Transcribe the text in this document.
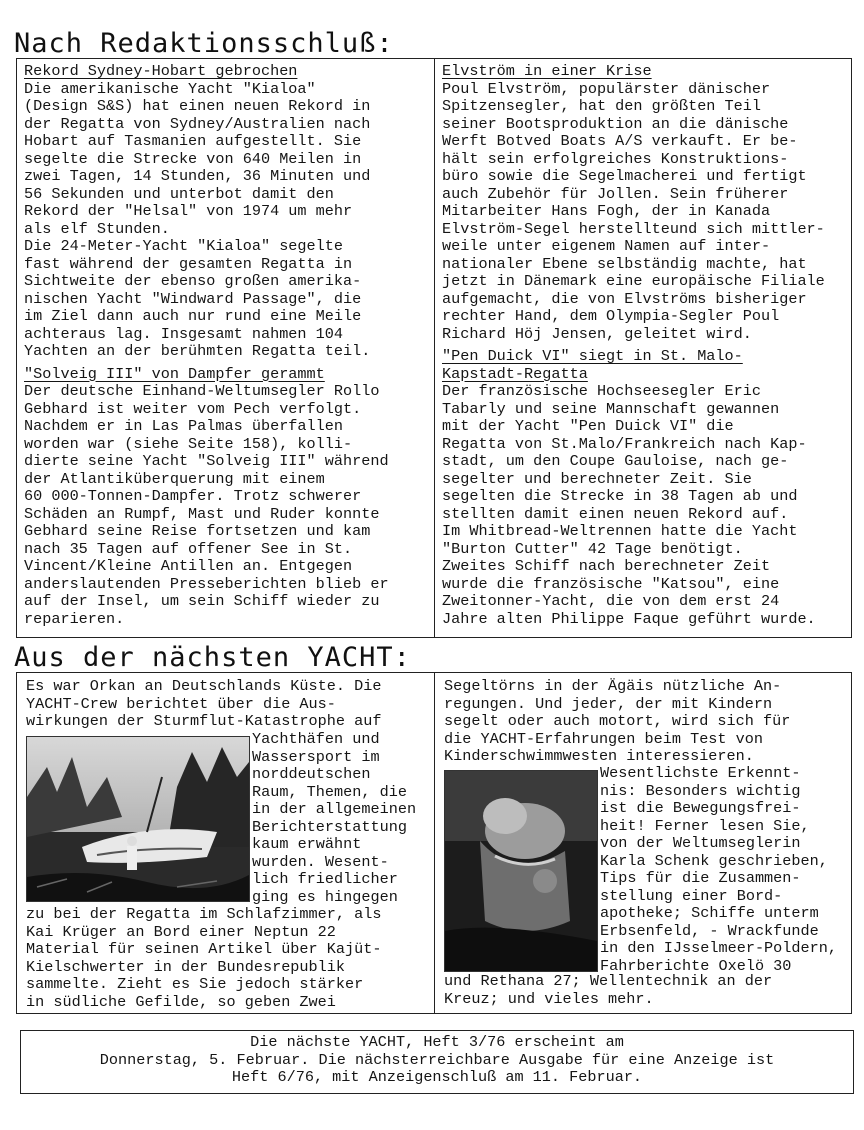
Nach Redaktionsschluß:
Rekord Sydney-Hobart gebrochen
Die amerikanische Yacht "Kialoa"
(Design S&S) hat einen neuen Rekord in
der Regatta von Sydney/Australien nach
Hobart auf Tasmanien aufgestellt. Sie
segelte die Strecke von 640 Meilen in
zwei Tagen, 14 Stunden, 36 Minuten und
56 Sekunden und unterbot damit den
Rekord der "Helsal" von 1974 um mehr
als elf Stunden.
Die 24-Meter-Yacht "Kialoa" segelte
fast während der gesamten Regatta in
Sichtweite der ebenso großen amerika-
nischen Yacht "Windward Passage", die
im Ziel dann auch nur rund eine Meile
achteraus lag. Insgesamt nahmen 104
Yachten an der berühmten Regatta teil.
"Solveig III" von Dampfer gerammt
Der deutsche Einhand-Weltumsegler Rollo
Gebhard ist weiter vom Pech verfolgt.
Nachdem er in Las Palmas überfallen
worden war (siehe Seite 158), kolli-
dierte seine Yacht "Solveig III" während
der Atlantiküberquerung mit einem
60 000-Tonnen-Dampfer. Trotz schwerer
Schäden an Rumpf, Mast und Ruder konnte
Gebhard seine Reise fortsetzen und kam
nach 35 Tagen auf offener See in St.
Vincent/Kleine Antillen an. Entgegen
anderslautenden Presseberichten blieb er
auf der Insel, um sein Schiff wieder zu
reparieren.
Elvström in einer Krise
Poul Elvström, populärster dänischer
Spitzensegler, hat den größten Teil
seiner Bootsproduktion an die dänische
Werft Botved Boats A/S verkauft. Er be-
hält sein erfolgreiches Konstruktions-
büro sowie die Segelmacherei und fertigt
auch Zubehör für Jollen. Sein früherer
Mitarbeiter Hans Fogh, der in Kanada
Elvström-Segel herstellteund sich mittler-
weile unter eigenem Namen auf inter-
nationaler Ebene selbständig machte, hat
jetzt in Dänemark eine europäische Filiale
aufgemacht, die von Elvströms bisheriger
rechter Hand, dem Olympia-Segler Poul
Richard Höj Jensen, geleitet wird.
"Pen Duick VI" siegt in St. Malo-
Kapstadt-Regatta
Der französische Hochseesegler Eric
Tabarly und seine Mannschaft gewannen
mit der Yacht "Pen Duick VI" die
Regatta von St.Malo/Frankreich nach Kap-
stadt, um den Coupe Gauloise, nach ge-
segelter und berechneter Zeit. Sie
segelten die Strecke in 38 Tagen ab und
stellten damit einen neuen Rekord auf.
Im Whitbread-Weltrennen hatte die Yacht
"Burton Cutter" 42 Tage benötigt.
Zweites Schiff nach berechneter Zeit
wurde die französische "Katsou", eine
Zweitonner-Yacht, die von dem erst 24
Jahre alten Philippe Faque geführt wurde.
Aus der nächsten YACHT:
Es war Orkan an Deutschlands Küste. Die
YACHT-Crew berichtet über die Aus-
wirkungen der Sturmflut-Katastrophe auf
Yachthäfen und
Wassersport im
norddeutschen
Raum, Themen, die
in der allgemeinen
Berichterstattung
kaum erwähnt
wurden. Wesent-
lich friedlicher
ging es hingegen
zu bei der Regatta im Schlafzimmer, als
Kai Krüger an Bord einer Neptun 22
Material für seinen Artikel über Kajüt-
Kielschwerter in der Bundesrepublik
sammelte. Zieht es Sie jedoch stärker
in südliche Gefilde, so geben Zwei
Segeltörns in der Ägäis nützliche An-
regungen. Und jeder, der mit Kindern
segelt oder auch motort, wird sich für
die YACHT-Erfahrungen beim Test von
Kinderschwimmwesten interessieren.
Wesentlichste Erkennt-
nis: Besonders wichtig
ist die Bewegungsfrei-
heit! Ferner lesen Sie,
von der Weltumseglerin
Karla Schenk geschrieben,
Tips für die Zusammen-
stellung einer Bord-
apotheke; Schiffe unterm
Erbsenfeld, - Wrackfunde
in den IJsselmeer-Poldern,
Fahrberichte Oxelö 30
und Rethana 27; Wellentechnik an der
Kreuz; und vieles mehr.
Die nächste YACHT, Heft 3/76 erscheint am
Donnerstag, 5. Februar. Die nächsterreichbare Ausgabe für eine Anzeige ist
Heft 6/76, mit Anzeigenschluß am 11. Februar.
